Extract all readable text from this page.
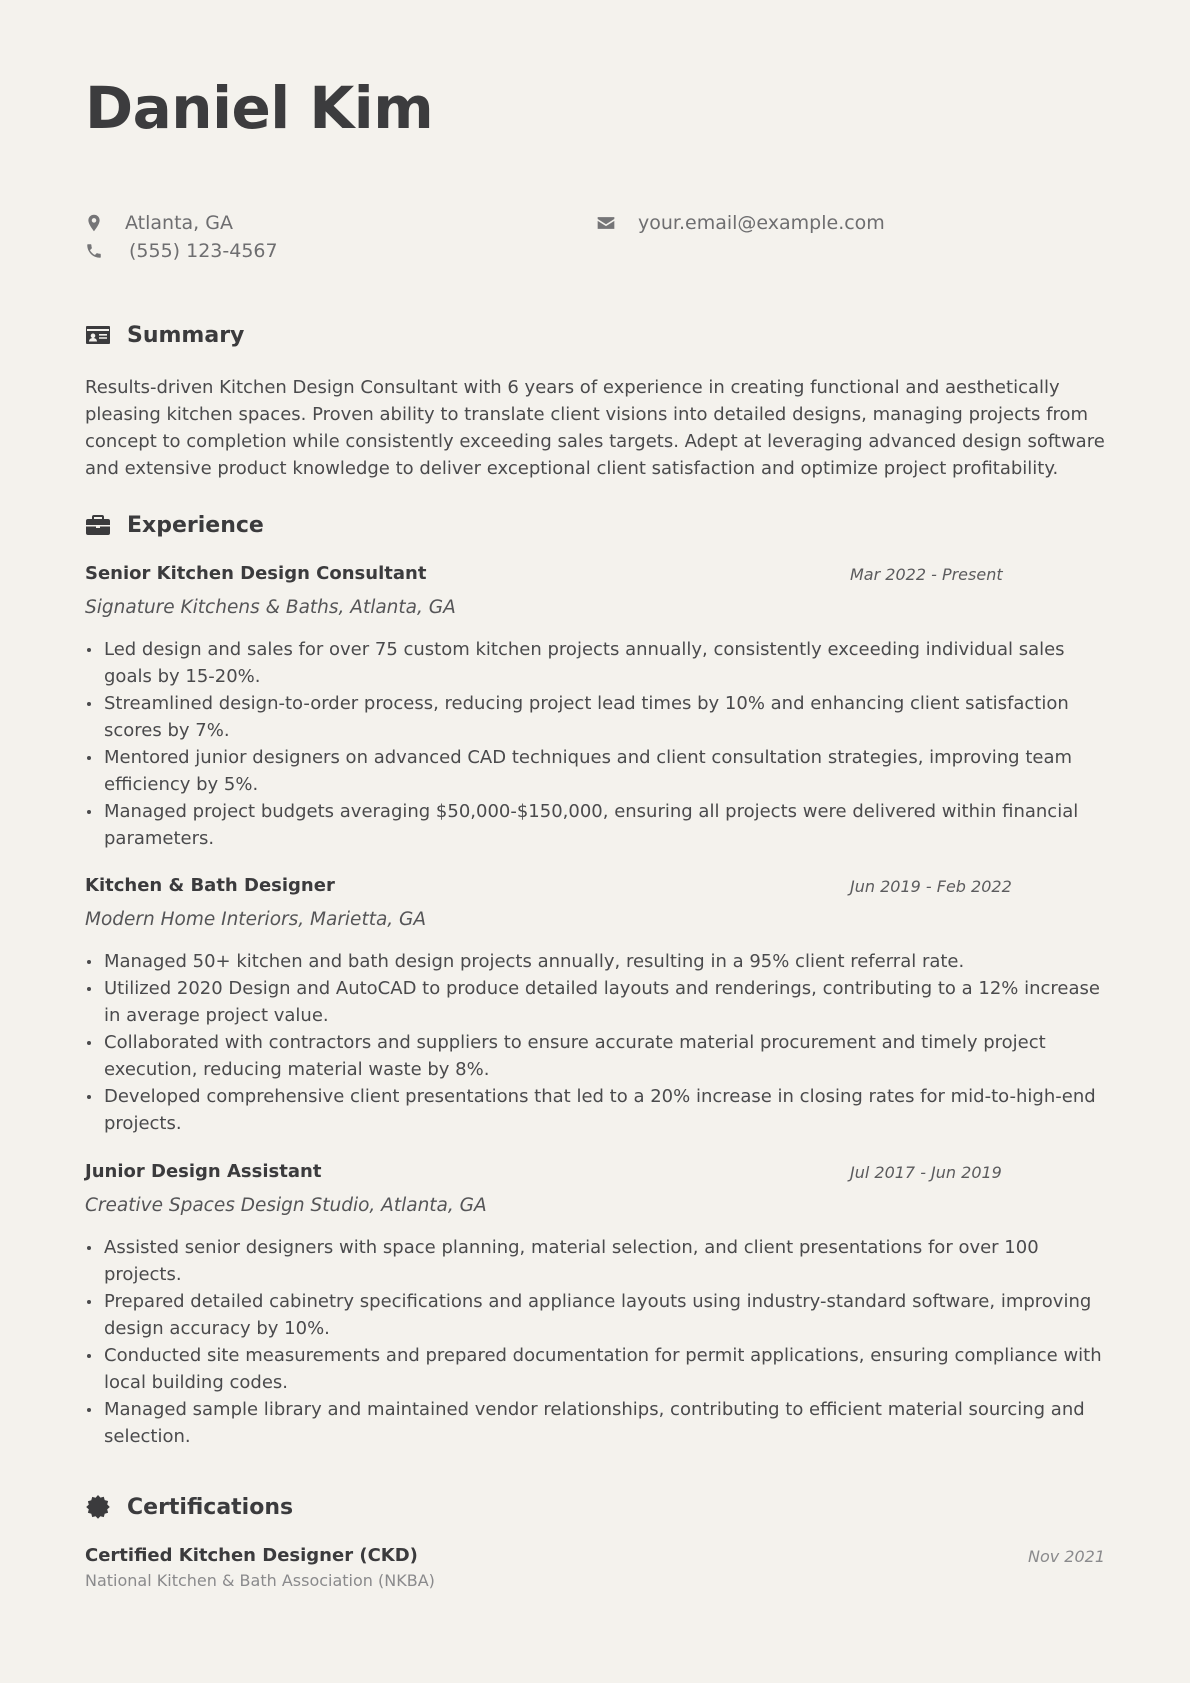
Daniel Kim
Atlanta, GA
(555) 123-4567
your.email@example.com
Summary

Results-driven Kitchen Design Consultant with 6 years of experience in creating functional and aesthetically pleasing kitchen spaces. Proven ability to translate client visions into detailed designs, managing projects from concept to completion while consistently exceeding sales targets. Adept at leveraging advanced design software and extensive product knowledge to deliver exceptional client satisfaction and optimize project profitability.

Experience
Senior Kitchen Design Consultant	Mar 2022 - Present
Signature Kitchens & Baths, Atlanta, GA
Led design and sales for over 75 custom kitchen projects annually, consistently exceeding individual sales goals by 15-20%.
Streamlined design-to-order process, reducing project lead times by 10% and enhancing client satisfaction scores by 7%.
Mentored junior designers on advanced CAD techniques and client consultation strategies, improving team efficiency by 5%.
Managed project budgets averaging $50,000-$150,000, ensuring all projects were delivered within financial parameters.
Kitchen & Bath Designer	Jun 2019 - Feb 2022
Modern Home Interiors, Marietta, GA
Managed 50+ kitchen and bath design projects annually, resulting in a 95% client referral rate.
Utilized 2020 Design and AutoCAD to produce detailed layouts and renderings, contributing to a 12% increase in average project value.
Collaborated with contractors and suppliers to ensure accurate material procurement and timely project execution, reducing material waste by 8%.
Developed comprehensive client presentations that led to a 20% increase in closing rates for mid-to-high-end projects.
Junior Design Assistant	Jul 2017 - Jun 2019
Creative Spaces Design Studio, Atlanta, GA
Assisted senior designers with space planning, material selection, and client presentations for over 100 projects.
Prepared detailed cabinetry specifications and appliance layouts using industry-standard software, improving design accuracy by 10%.
Conducted site measurements and prepared documentation for permit applications, ensuring compliance with local building codes.
Managed sample library and maintained vendor relationships, contributing to efficient material sourcing and selection.
Certifications
Certified Kitchen Designer (CKD)
National Kitchen & Bath Association (NKBA)
Nov 2021
